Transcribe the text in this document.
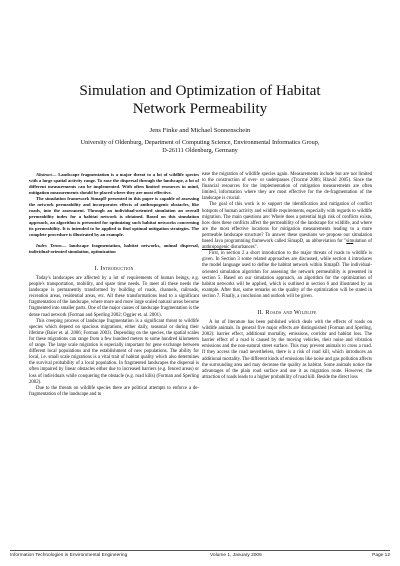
Simulation and Optimization of Habitat
Network Permeability
Jens Finke and Michael Sonnenschein
University of Oldenburg, Department of Computing Science, Environmental Informatics Group,
D-26111 Oldenburg, Germany

Abstract— Landscape fragmentation is a major threat to a lot of wildlife species with a large spatial activity range. To ease the dispersal through the landscape, a lot of different measurements can be implemented. With often limited resources in mind, mitigation measurements should be placed where they are most effective.

The simulation framework SimapD presented in this paper is capable of assessing the network permeability and incorporates effects of anthropogenic obstacles, like roads, into the assessment. Through an individual-oriented simulation an overall permeability index for a habitat network is obtained. Based on this simulation approach, an algorithm is presented for optimizing such habitat networks concerning its permeability. It is intended to be applied to find optimal mitigation strategies. The complete procedure is illustrated by an example.

Index Terms— landscape fragmentation, habitat networks, animal dispersal, individual-oriented simulation, optimization

I. Introduction

Today's landscapes are affected by a lot of requirements of human beings, e.g. people's transportation, mobility, and spare time needs. To meet all these needs the landscape is permanently transformed by building of roads, channels, railroads, recreation areas, residential areas, etc. All these transformations lead to a significant fragmentation of the landscape, where more and more large scaled natural areas become fragmented into smaller parts. One of the major causes of landscape fragmentation is the dense road network (Forman and Sperling 2002; Oggier et. al. 2001).

This creeping process of landscape fragmentation is a significant threat to wildlife species which depend on spacious migrations, either daily, seasonal or during their lifetime (Baier et. al. 2006; Forman 2003). Depending on the species, the spatial scales for these migrations can range from a few hundred meters to some hundred kilometers of range. The large scale migration is especially important for gene exchange between different local populations and the establishment of new populations. The ability for local, i.e. small scale migrations is a vital trait of habitat quality which also determines the survival probability of a local population. In fragmented landscapes the dispersal is often impaired by linear obstacles either due to increased barriers (e.g. fenced areas) or loss of individuals while conquering the obstacle (e.g. road kills) (Forman and Sperling 2002).

Due to the threats on wildlife species there are political attempts to enforce a de-fragmentation of the landscape and to

ease the migration of wildlife species again. Measurements include but are not limited to the construction of over- or underpasses (Trocmé 2006; Hlaváč 2005). Since the financial resources for the implementation of mitigation measurements are often limited, information where they are most effective for the de-fragmentation of the landscape is crucial.

The goal of this work is to support the identification and mitigation of conflict hotspots of human activity and wildlife requirements, especially with regards to wildlife migration. The main questions are: Where does a potential high risk of conflicts exists, how does these conflicts affect the permeability of the landscape for wildlife, and where are the most effective locations for mitigation measurements leading to a more permeable landscape structure? To answer these questions we propose our simulation based Java programming framework called SimapD, an abbreviation for "simulation of anthropogenic disturbances".

First, in section 2 a short introduction to the major threats of roads to wildlife is given. In Section 3 some related approaches are discussed, while section 4 introduces the model language used to define the habitat network within SimapD. The individual-oriented simulation algorithm for assessing the network permeability is presented in section 5. Based on our simulation approach, an algorithm for the optimization of habitat networks will be applied, which is outlined in section 6 and illustrated by an example. After that, some remarks on the quality of the optimization will be stated in section 7. Finally, a conclusion and outlook will be given.

II. Roads and Wildlife

A lot of literature has been published which deals with the effects of roads on wildlife animals. In general five major effects are distinguished (Forman and Sperling, 2002): barrier effect, additional mortality, emissions, corridor and habitat loss. The barrier effect of a road is caused by the moving vehicles, their noise and vibration emissions and the non-natural street surface. This may prevent animals to cross a road. If they access the road nevertheless, there is a risk of road kill, which introduces an additional mortality. The different kinds of emissions like noise and gas pollution affects the surrounding area and may decrease the quality as habitat. Some animals notice the advantages of the plain road surface and use it as migration route. However, the attraction of roads leads to a higher probability of road kill. Beside the direct loss

Information Technologies in Environmental Engineering	Volume 1, January 2006	Page 12
